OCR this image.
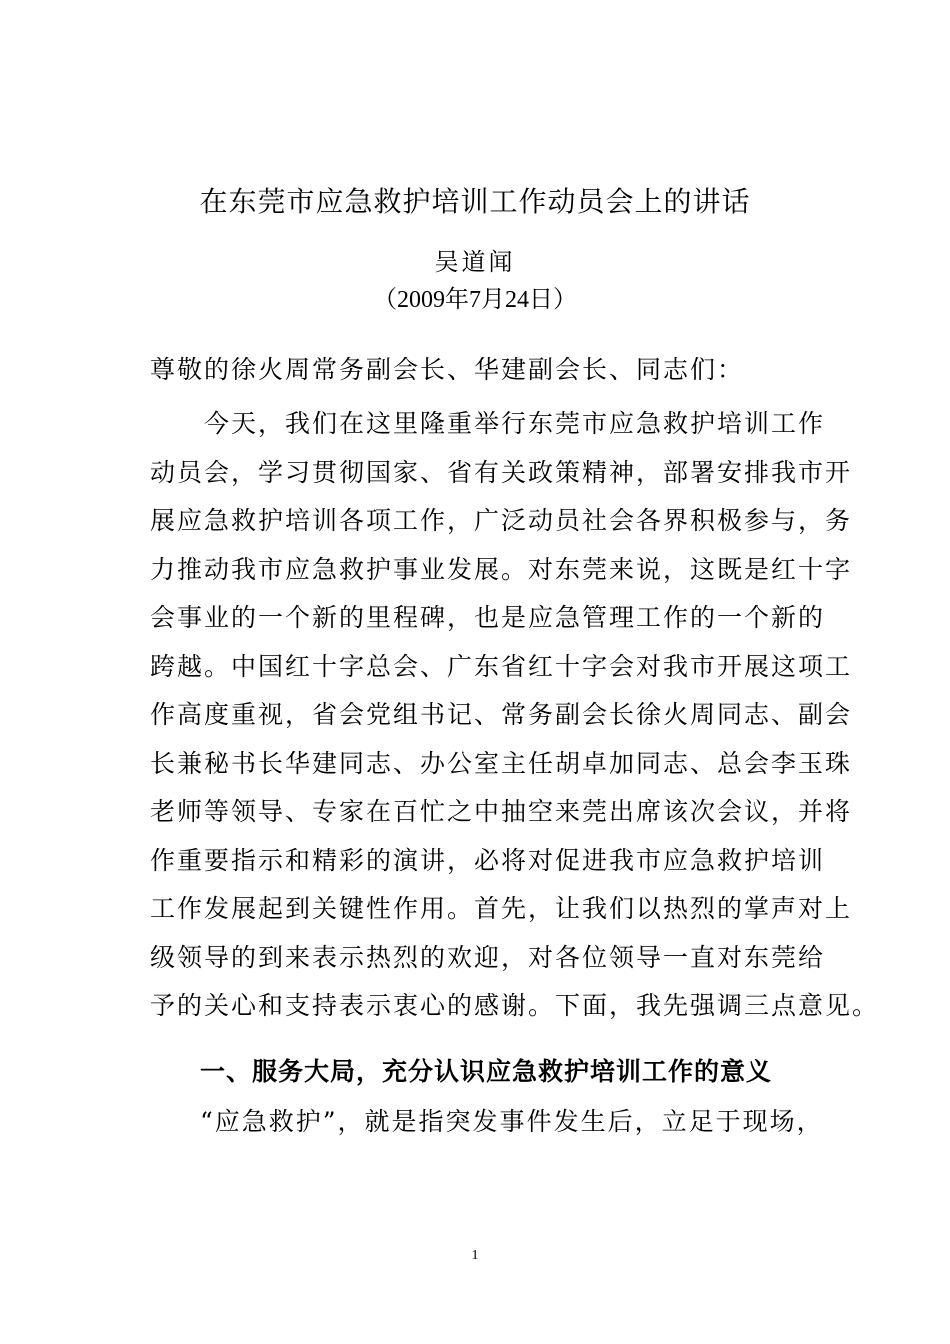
在东莞市应急救护培训工作动员会上的讲话
吴道闻
（2009年7月24日）
尊敬的徐火周常务副会长、华建副会长、同志们：
　　今天，我们在这里隆重举行东莞市应急救护培训工作
动员会，学习贯彻国家、省有关政策精神，部署安排我市开
展应急救护培训各项工作，广泛动员社会各界积极参与，务
力推动我市应急救护事业发展。对东莞来说，这既是红十字
会事业的一个新的里程碑，也是应急管理工作的一个新的
跨越。中国红十字总会、广东省红十字会对我市开展这项工
作高度重视，省会党组书记、常务副会长徐火周同志、副会
长兼秘书长华建同志、办公室主任胡卓加同志、总会李玉珠
老师等领导、专家在百忙之中抽空来莞出席该次会议，并将
作重要指示和精彩的演讲，必将对促进我市应急救护培训
工作发展起到关键性作用。首先，让我们以热烈的掌声对上
级领导的到来表示热烈的欢迎，对各位领导一直对东莞给
予的关心和支持表示衷心的感谢。下面，我先强调三点意见。
一、服务大局，充分认识应急救护培训工作的意义
“应急救护”，就是指突发事件发生后，立足于现场，
1
